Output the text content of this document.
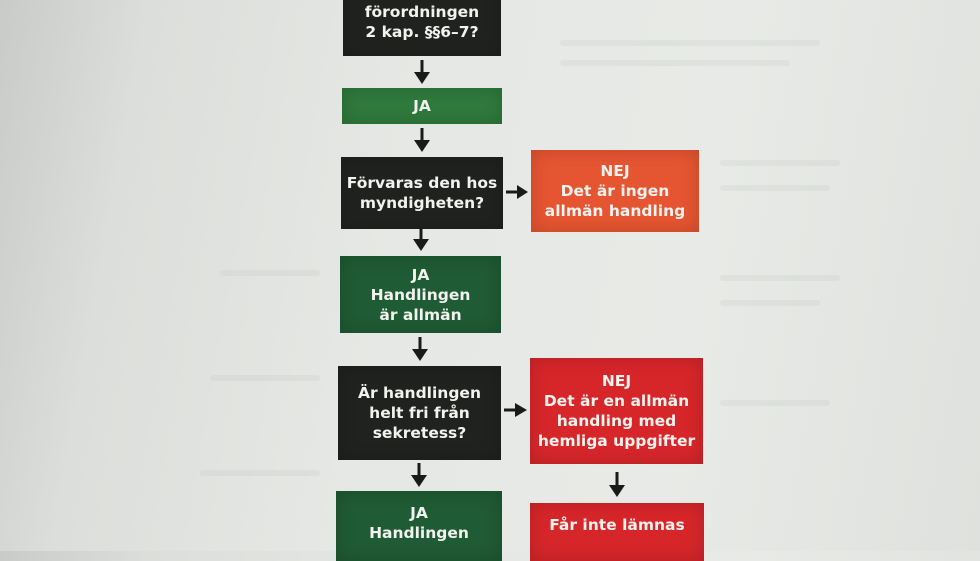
förordningen
2 kap. §§6–7?
JA
Förvaras den hos
myndigheten?
NEJ
Det är ingen
allmän handling
JA
Handlingen
är allmän
Är handlingen
helt fri från
sekretess?
NEJ
Det är en allmän
handling med
hemliga uppgifter
JA
Handlingen	Får inte lämnas
